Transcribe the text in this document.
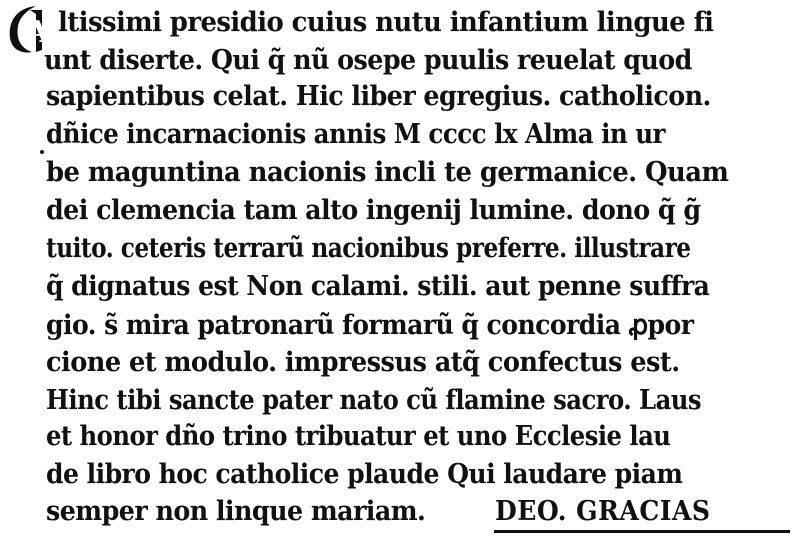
A ltissimi presidio cuius nutu infantium lingue fi
unt diserte. Qui q̃ nũ osepe puulis reuelat quod
sapientibus celat. Hic liber egregius. catholicon.
dñice incarnacionis annis M cccc lx Alma in ur
be maguntina nacionis incli te germanice. Quam
dei clemencia tam alto ingenij lumine. dono q̃ g̃
tuito. ceteris terrarũ nacionibus preferre. illustrare
q̃ dignatus est Non calami. stili. aut penne suffra
gio. s̃ mira patronarũ formarũ q̃ concordia ꝓpor
cione et modulo. impressus atq̃ confectus est.
Hinc tibi sancte pater nato cũ flamine sacro. Laus
et honor dño trino tribuatur et uno Ecclesie lau
de libro hoc catholice plaude Qui laudare piam
semper non linque mariam.	DEO. GRACIAS
